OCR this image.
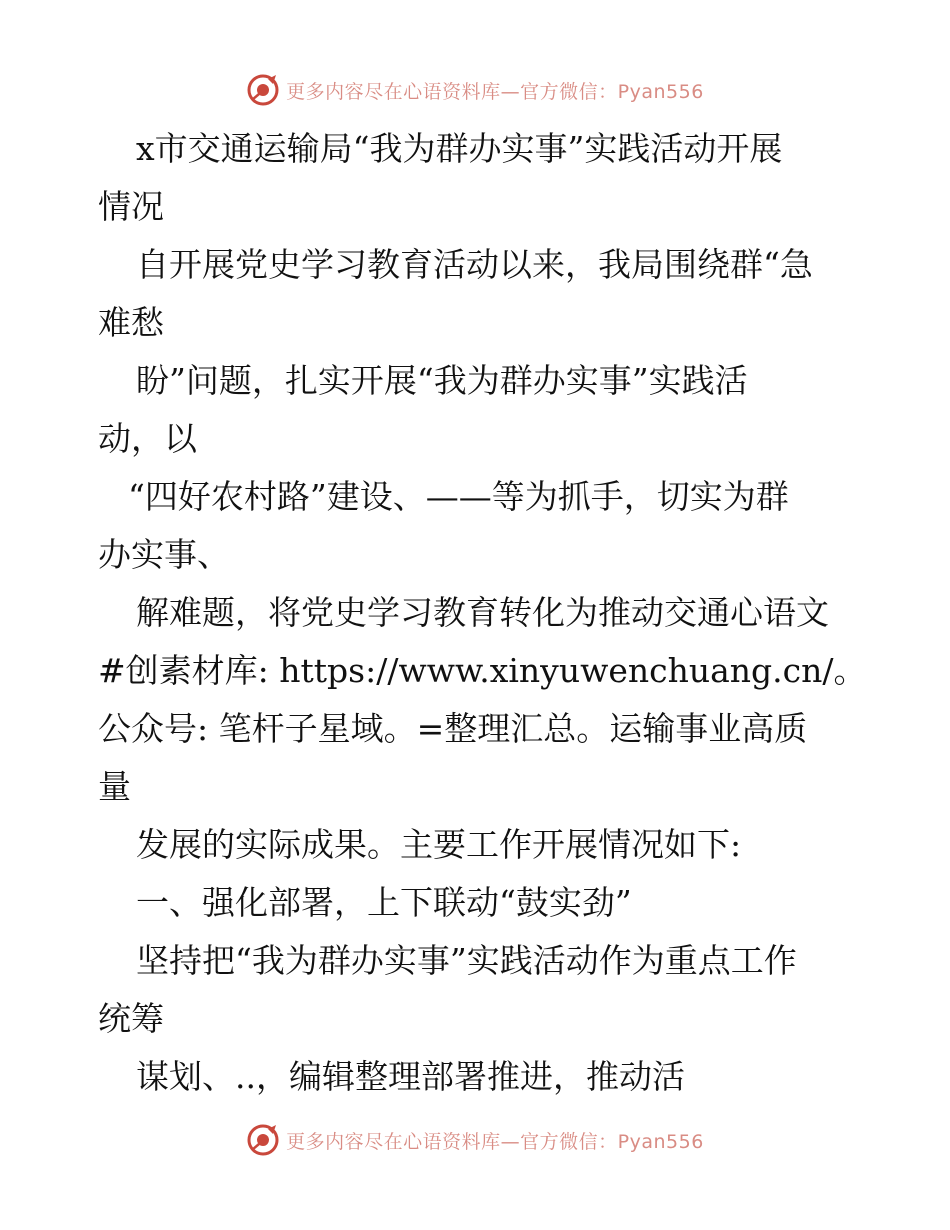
更多内容尽在心语资料库—官方微信：Pyan556
x市交通运输局“我为群办实事”实践活动开展
情况
自开展党史学习教育活动以来，我局围绕群“急
难愁
盼”问题，扎实开展“我为群办实事”实践活
动，以
“四好农村路”建设、——等为抓手，切实为群
办实事、
解难题，将党史学习教育转化为推动交通心语文
#创素材库: https://www.xinyuwenchuang.cn/。
公众号: 笔杆子星域。=整理汇总。运输事业高质
量
发展的实际成果。主要工作开展情况如下:
一、强化部署，上下联动“鼓实劲”
坚持把“我为群办实事”实践活动作为重点工作
统筹
谋划、..，编辑整理部署推进，推动活
更多内容尽在心语资料库—官方微信：Pyan556
